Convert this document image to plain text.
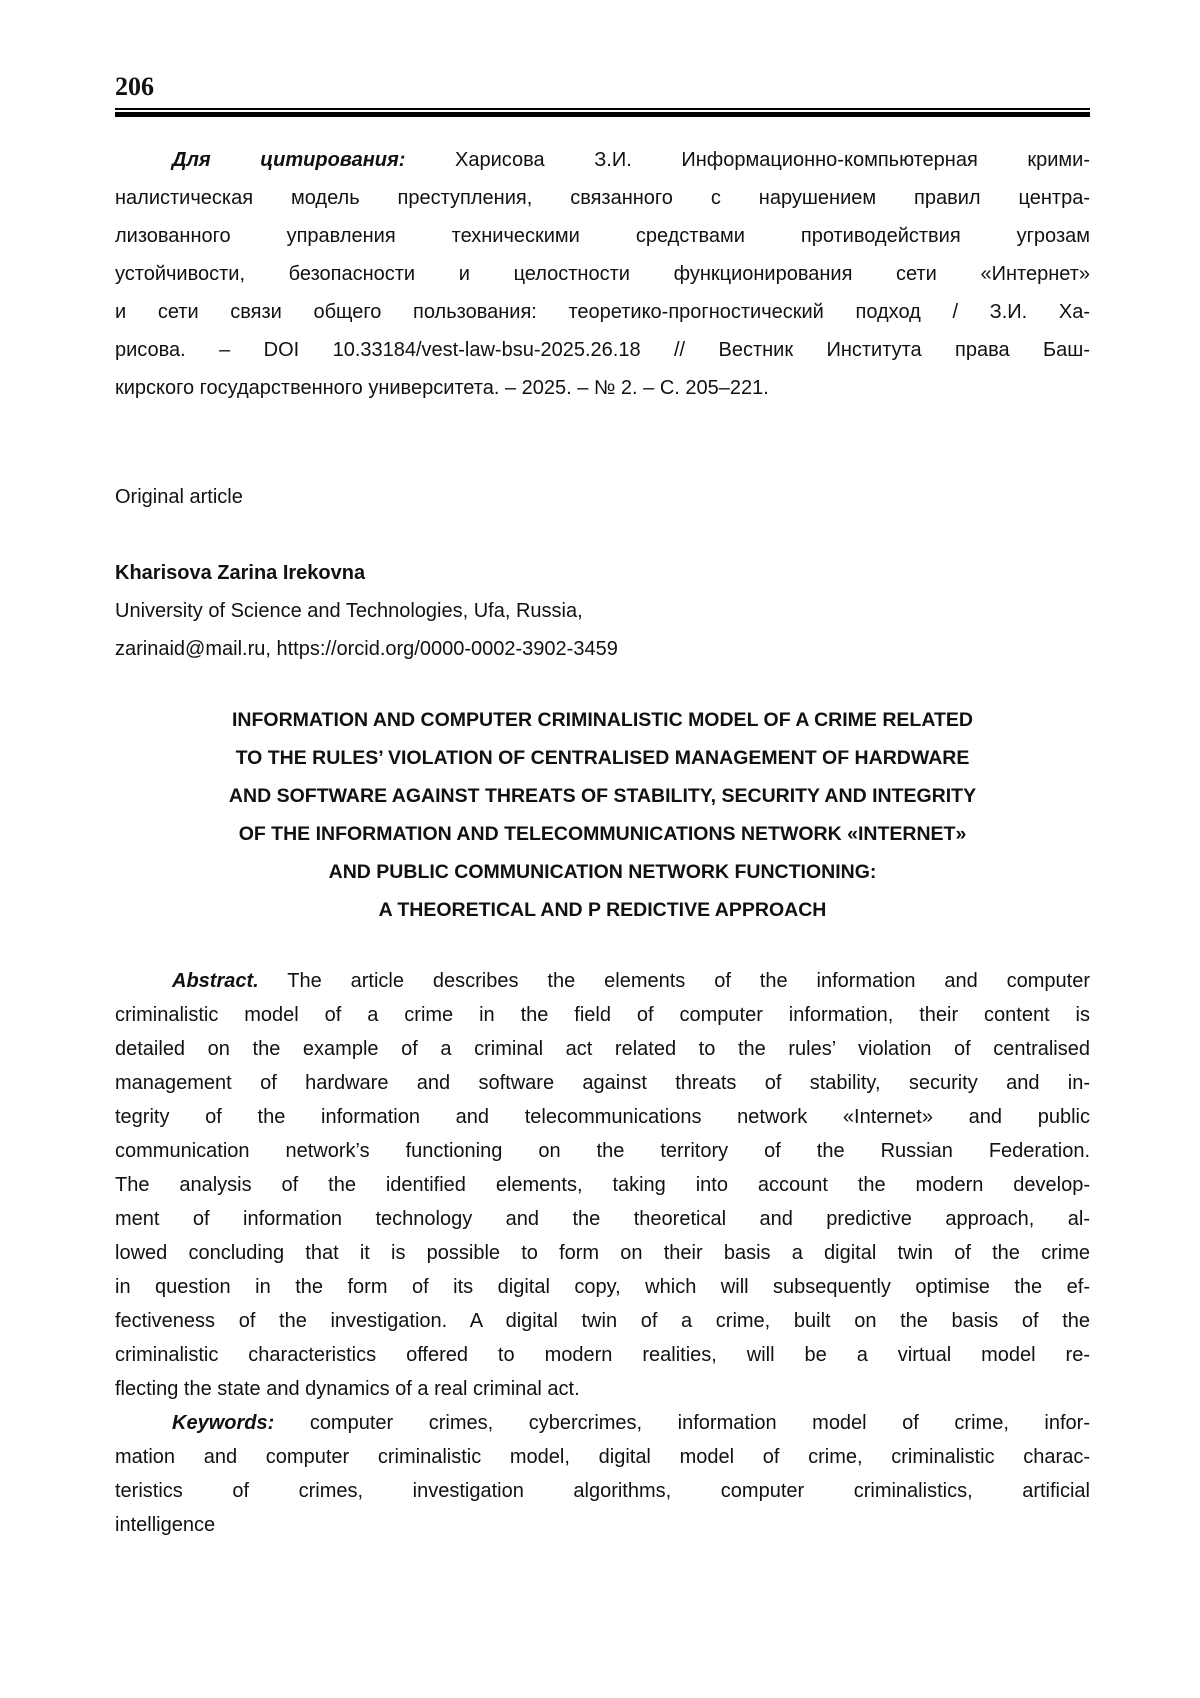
206
Для цитирования: Харисова З.И. Информационно-компьютерная крими-
налистическая модель преступления, связанного с нарушением правил центра-
лизованного управления техническими средствами противодействия угрозам
устойчивости, безопасности и целостности функционирования сети «Интернет»
и сети связи общего пользования: теоретико-прогностический подход / З.И. Ха-
рисова. – DOI 10.33184/vest-law-bsu-2025.26.18 // Вестник Института права Баш-
кирского государственного университета. – 2025. – № 2. – С. 205–221.
Original article
Kharisova Zarina Irekovna
University of Science and Technologies, Ufa, Russia,
zarinaid@mail.ru, https://orcid.org/0000-0002-3902-3459
INFORMATION AND COMPUTER CRIMINALISTIC MODEL OF A CRIME RELATED
TO THE RULES’ VIOLATION OF CENTRALISED MANAGEMENT OF HARDWARE
AND SOFTWARE AGAINST THREATS OF STABILITY, SECURITY AND INTEGRITY
OF THE INFORMATION AND TELECOMMUNICATIONS NETWORK «INTERNET»
AND PUBLIC COMMUNICATION NETWORK FUNCTIONING:
A THEORETICAL AND P REDICTIVE APPROACH
Abstract. The article describes the elements of the information and computer
criminalistic model of a crime in the field of computer information, their content is
detailed on the example of a criminal act related to the rules’ violation of centralised
management of hardware and software against threats of stability, security and in-
tegrity of the information and telecommunications network «Internet» and public
communication network’s functioning on the territory of the Russian Federation.
The analysis of the identified elements, taking into account the modern develop-
ment of information technology and the theoretical and predictive approach, al-
lowed concluding that it is possible to form on their basis a digital twin of the crime
in question in the form of its digital copy, which will subsequently optimise the ef-
fectiveness of the investigation. A digital twin of a crime, built on the basis of the
criminalistic characteristics offered to modern realities, will be a virtual model re-
flecting the state and dynamics of a real criminal act.
Keywords: computer crimes, cybercrimes, information model of crime, infor-
mation and computer criminalistic model, digital model of crime, criminalistic charac-
teristics of crimes, investigation algorithms, computer criminalistics, artificial
intelligence
